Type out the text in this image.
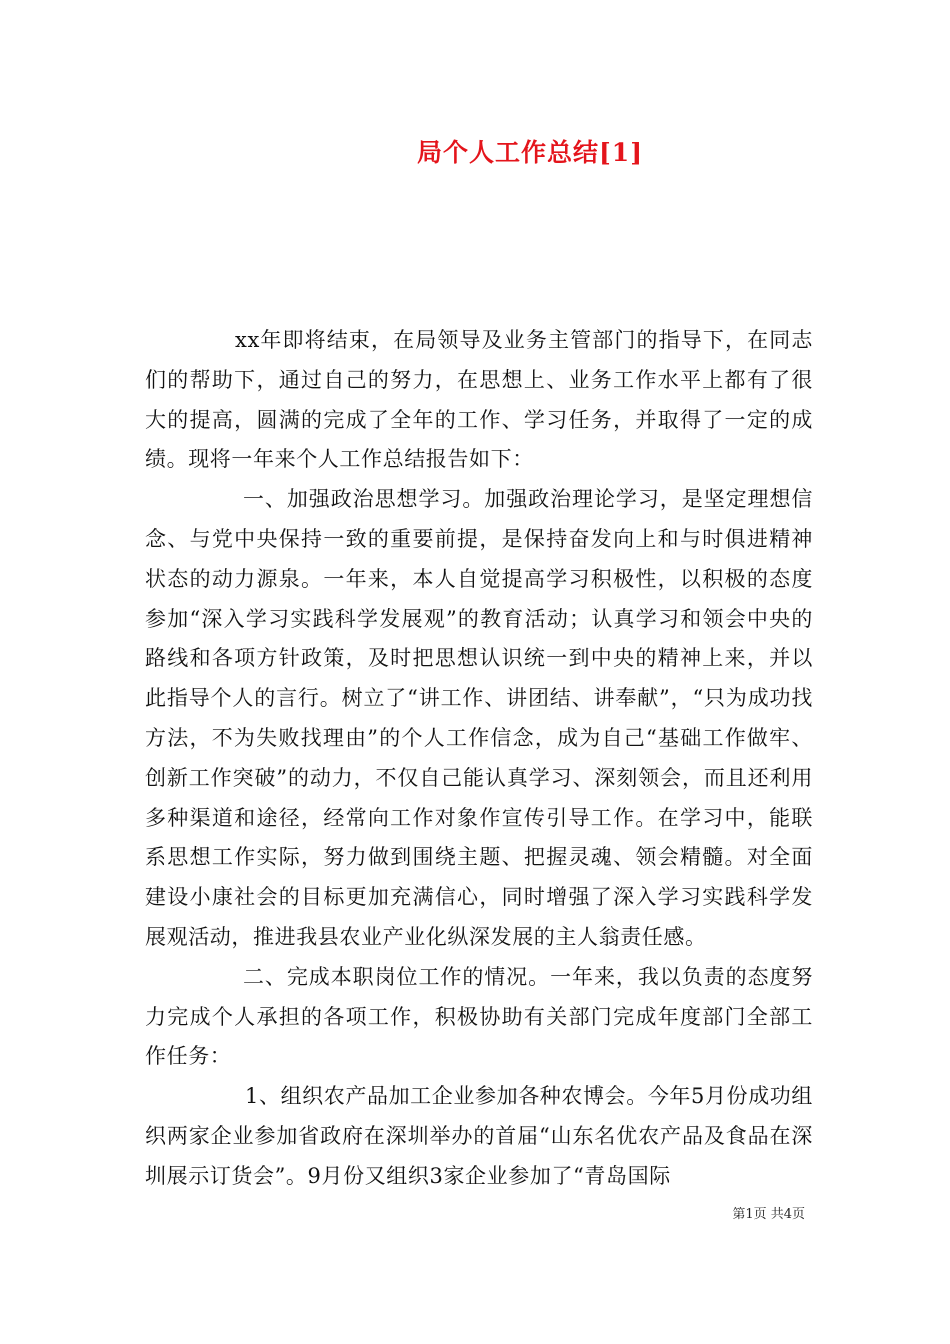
局个人工作总结[1]

xx年即将结束，在局领导及业务主管部门的指导下，在同志们的帮助下，通过自己的努力，在思想上、业务工作水平上都有了很大的提高，圆满的完成了全年的工作、学习任务，并取得了一定的成绩。现将一年来个人工作总结报告如下：

一、加强政治思想学习。加强政治理论学习，是坚定理想信念、与党中央保持一致的重要前提，是保持奋发向上和与时俱进精神状态的动力源泉。一年来，本人自觉提高学习积极性，以积极的态度参加“深入学习实践科学发展观”的教育活动；认真学习和领会中央的路线和各项方针政策，及时把思想认识统一到中央的精神上来，并以此指导个人的言行。树立了“讲工作、讲团结、讲奉献”，“只为成功找方法，不为失败找理由”的个人工作信念，成为自己“基础工作做牢、创新工作突破”的动力，不仅自己能认真学习、深刻领会，而且还利用多种渠道和途径，经常向工作对象作宣传引导工作。在学习中，能联系思想工作实际，努力做到围绕主题、把握灵魂、领会精髓。对全面建设小康社会的目标更加充满信心，同时增强了深入学习实践科学发展观活动，推进我县农业产业化纵深发展的主人翁责任感。

二、完成本职岗位工作的情况。一年来，我以负责的态度努力完成个人承担的各项工作，积极协助有关部门完成年度部门全部工作任务：

1、组织农产品加工企业参加各种农博会。今年5月份成功组织两家企业参加省政府在深圳举办的首届“山东名优农产品及食品在深圳展示订货会”。9月份又组织3家企业参加了“青岛国际

第1页 共4页
